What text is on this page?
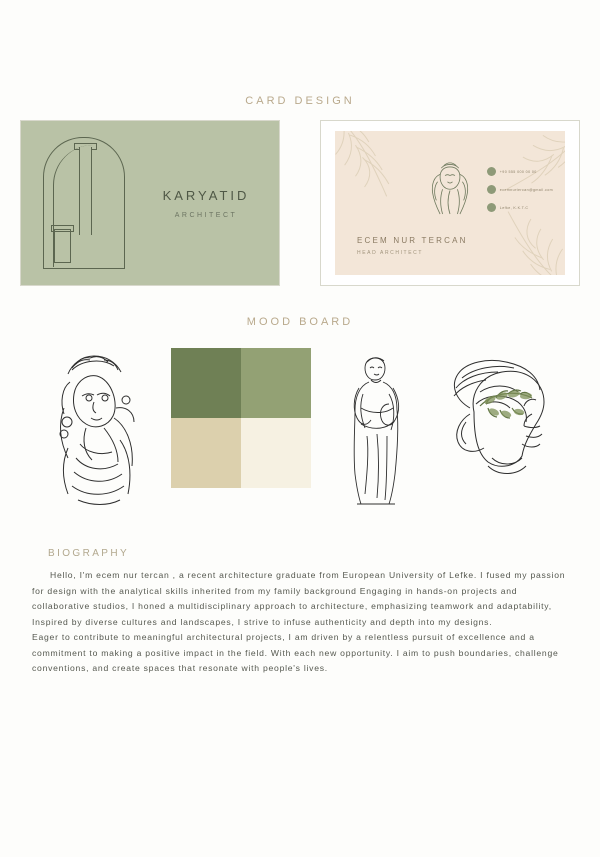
CARD DESIGN
KARYATID
ARCHITECT
+90 555 000 00 00
ecemnurtercan@gmail.com
Lefke, K.K.T.C
ECEM NUR TERCAN
HEAD ARCHITECT
MOOD BOARD
BIOGRAPHY

Hello, I'm ecem nur tercan , a recent architecture graduate from European University of Lefke. I fused my passion for design with the analytical skills inherited from my family background Engaging in hands-on projects and collaborative studios, I honed a multidisciplinary approach to architecture, emphasizing teamwork and adaptability, Inspired by diverse cultures and landscapes, I strive to infuse authenticity and depth into my designs.

Eager to contribute to meaningful architectural projects, I am driven by a relentless pursuit of excellence and a commitment to making a positive impact in the field. With each new opportunity. I aim to push boundaries, challenge conventions, and create spaces that resonate with people's lives.
